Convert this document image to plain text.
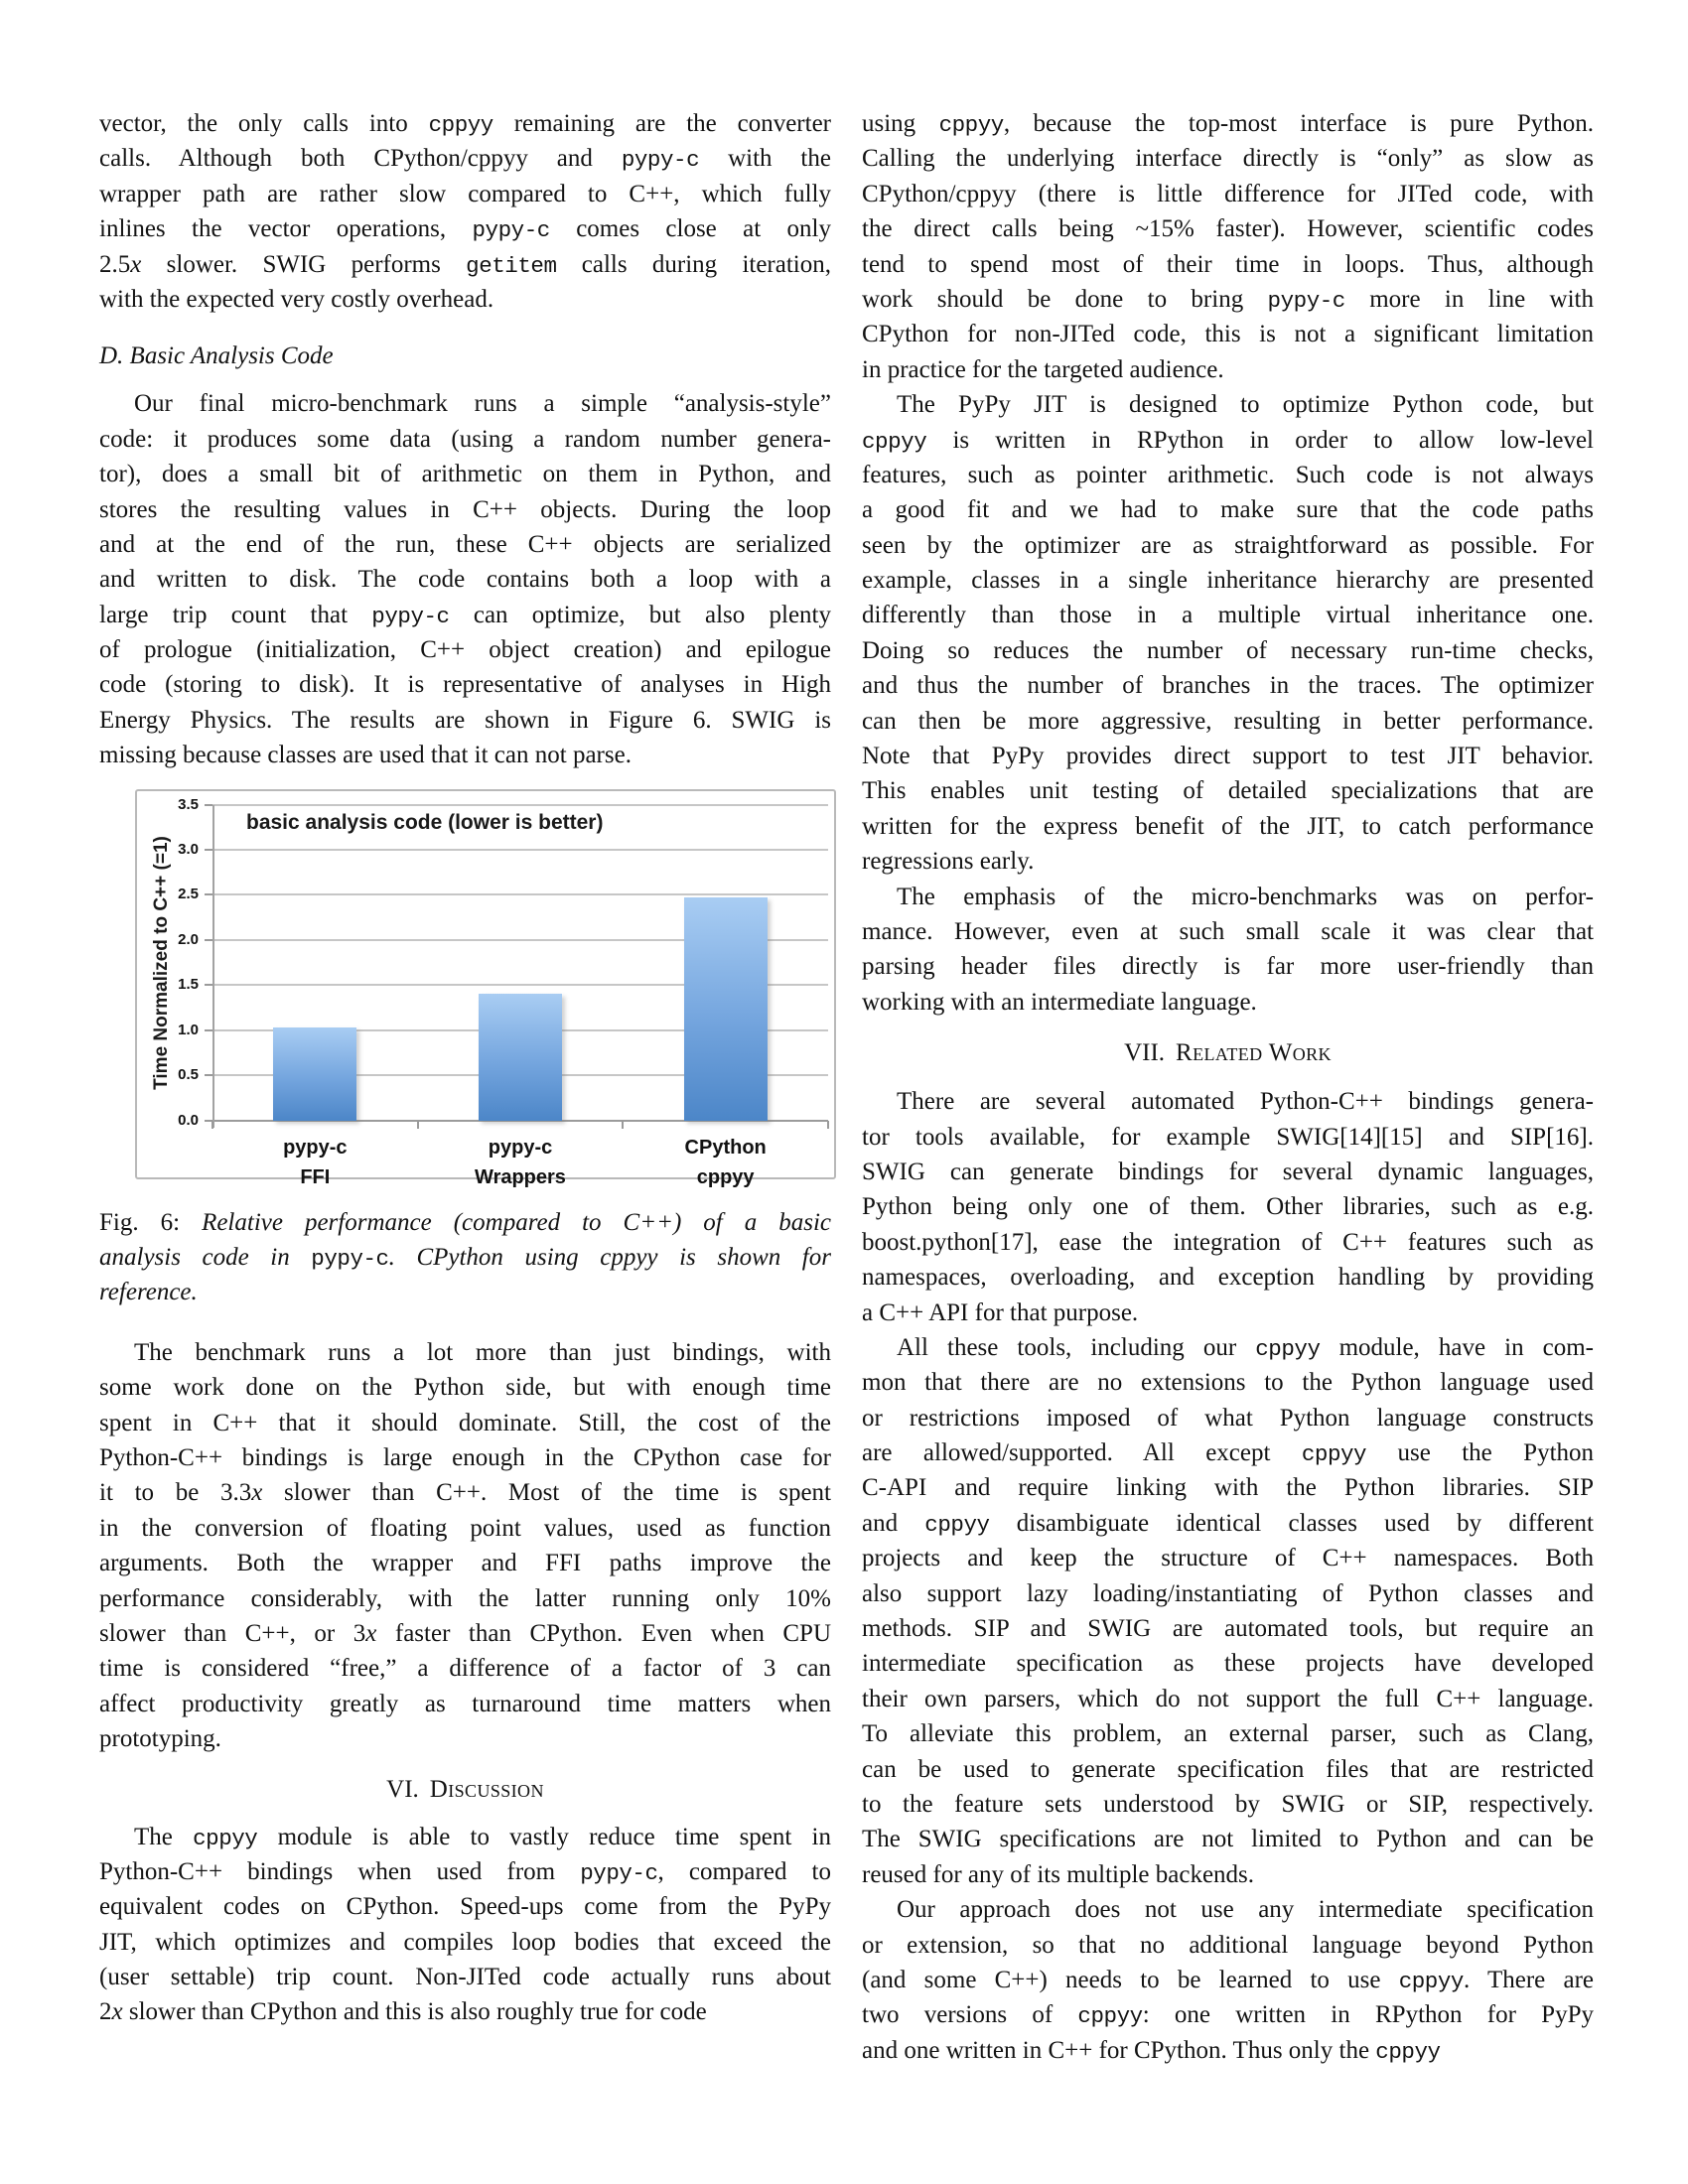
vector, the only calls into cppyy remaining are the converter
calls. Although both CPython/cppyy and pypy-c with the
wrapper path are rather slow compared to C++, which fully
inlines the vector operations, pypy-c comes close at only
2.5x slower. SWIG performs getitem calls during iteration,
with the expected very costly overhead.
D. Basic Analysis Code
Our final micro-benchmark runs a simple “analysis-style”
code: it produces some data (using a random number genera-
tor), does a small bit of arithmetic on them in Python, and
stores the resulting values in C++ objects. During the loop
and at the end of the run, these C++ objects are serialized
and written to disk. The code contains both a loop with a
large trip count that pypy-c can optimize, but also plenty
of prologue (initialization, C++ object creation) and epilogue
code (storing to disk). It is representative of analyses in High
Energy Physics. The results are shown in Figure 6. SWIG is
missing because classes are used that it can not parse.
basic analysis code (lower is better)
Time Normalized to C++ (=1)
0.0
0.5
1.0
1.5
2.0
2.5
3.0
3.5
pypy-c
FFI
pypy-c
Wrappers
CPython
cppyy
Fig. 6: Relative performance (compared to C++) of a basic
analysis code in pypy-c. CPython using cppyy is shown for
reference.
The benchmark runs a lot more than just bindings, with
some work done on the Python side, but with enough time
spent in C++ that it should dominate. Still, the cost of the
Python-C++ bindings is large enough in the CPython case for
it to be 3.3x slower than C++. Most of the time is spent
in the conversion of floating point values, used as function
arguments. Both the wrapper and FFI paths improve the
performance considerably, with the latter running only 10%
slower than C++, or 3x faster than CPython. Even when CPU
time is considered “free,” a difference of a factor of 3 can
affect productivity greatly as turnaround time matters when
prototyping.
VI. Discussion
The cppyy module is able to vastly reduce time spent in
Python-C++ bindings when used from pypy-c, compared to
equivalent codes on CPython. Speed-ups come from the PyPy
JIT, which optimizes and compiles loop bodies that exceed the
(user settable) trip count. Non-JITed code actually runs about
2x slower than CPython and this is also roughly true for code
using cppyy, because the top-most interface is pure Python.
Calling the underlying interface directly is “only” as slow as
CPython/cppyy (there is little difference for JITed code, with
the direct calls being ~15% faster). However, scientific codes
tend to spend most of their time in loops. Thus, although
work should be done to bring pypy-c more in line with
CPython for non-JITed code, this is not a significant limitation
in practice for the targeted audience.
The PyPy JIT is designed to optimize Python code, but
cppyy is written in RPython in order to allow low-level
features, such as pointer arithmetic. Such code is not always
a good fit and we had to make sure that the code paths
seen by the optimizer are as straightforward as possible. For
example, classes in a single inheritance hierarchy are presented
differently than those in a multiple virtual inheritance one.
Doing so reduces the number of necessary run-time checks,
and thus the number of branches in the traces. The optimizer
can then be more aggressive, resulting in better performance.
Note that PyPy provides direct support to test JIT behavior.
This enables unit testing of detailed specializations that are
written for the express benefit of the JIT, to catch performance
regressions early.
The emphasis of the micro-benchmarks was on perfor-
mance. However, even at such small scale it was clear that
parsing header files directly is far more user-friendly than
working with an intermediate language.
VII. Related Work
There are several automated Python-C++ bindings genera-
tor tools available, for example SWIG[14][15] and SIP[16].
SWIG can generate bindings for several dynamic languages,
Python being only one of them. Other libraries, such as e.g.
boost.python[17], ease the integration of C++ features such as
namespaces, overloading, and exception handling by providing
a C++ API for that purpose.
All these tools, including our cppyy module, have in com-
mon that there are no extensions to the Python language used
or restrictions imposed of what Python language constructs
are allowed/supported. All except cppyy use the Python
C-API and require linking with the Python libraries. SIP
and cppyy disambiguate identical classes used by different
projects and keep the structure of C++ namespaces. Both
also support lazy loading/instantiating of Python classes and
methods. SIP and SWIG are automated tools, but require an
intermediate specification as these projects have developed
their own parsers, which do not support the full C++ language.
To alleviate this problem, an external parser, such as Clang,
can be used to generate specification files that are restricted
to the feature sets understood by SWIG or SIP, respectively.
The SWIG specifications are not limited to Python and can be
reused for any of its multiple backends.
Our approach does not use any intermediate specification
or extension, so that no additional language beyond Python
(and some C++) needs to be learned to use cppyy. There are
two versions of cppyy: one written in RPython for PyPy
and one written in C++ for CPython. Thus only the cppyy
